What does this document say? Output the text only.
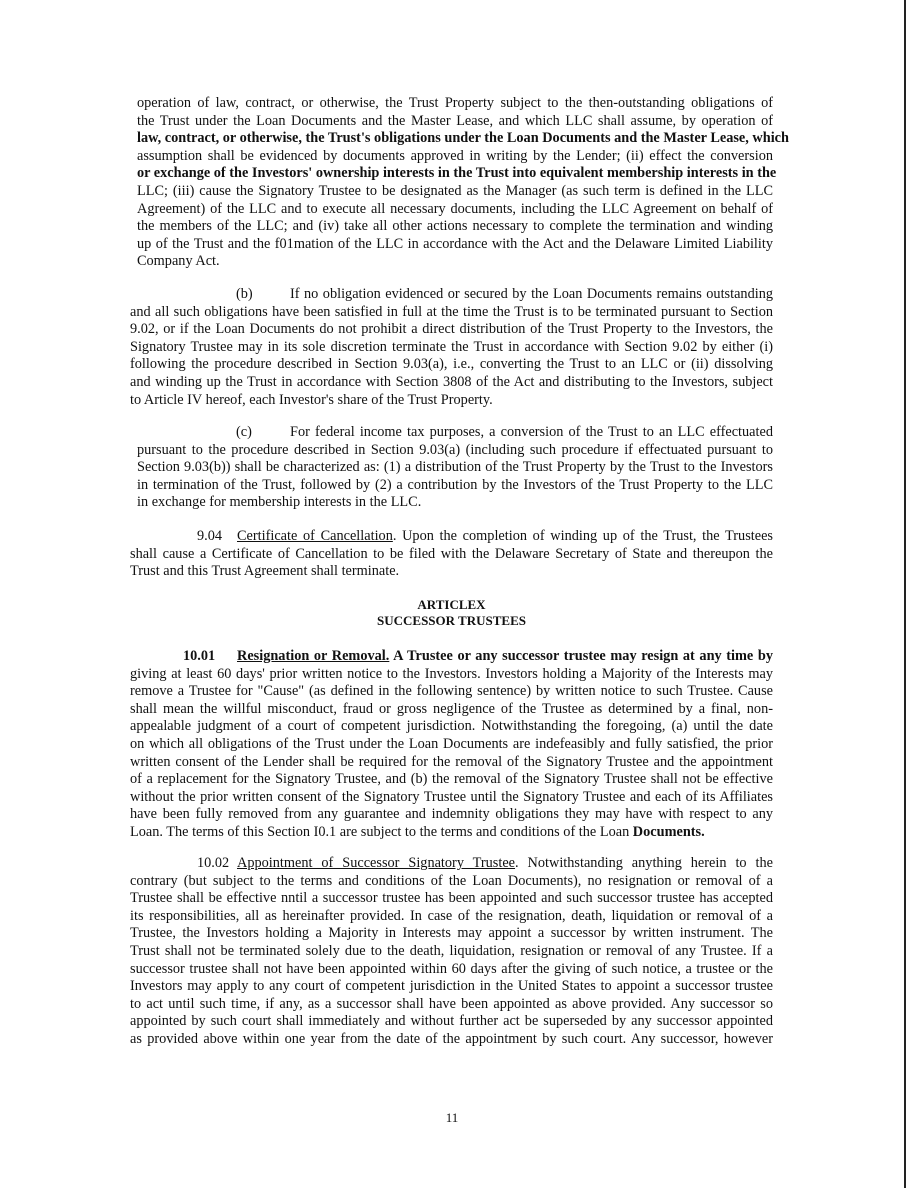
operation of law, contract, or otherwise, the Trust Property subject to the then-outstanding obligations of
the Trust under the Loan Documents and the Master Lease, and which LLC shall assume, by operation of
law, contract, or otherwise, the Trust's obligations under the Loan Documents and the Master Lease, which
assumption shall be evidenced by documents approved in writing by the Lender; (ii) effect the conversion
or exchange of the Investors' ownership interests in the Trust into equivalent membership interests in the
LLC; (iii) cause the Signatory Trustee to be designated as the Manager (as such term is defined in the LLC
Agreement) of the LLC and to execute all necessary documents, including the LLC Agreement on behalf of
the members of the LLC; and (iv) take all other actions necessary to complete the termination and winding
up of the Trust and the f01mation of the LLC in accordance with the Act and the Delaware Limited Liability
Company Act.
(b)	If no obligation evidenced or secured by the Loan Documents remains outstanding
and all such obligations have been satisfied in full at the time the Trust is to be terminated pursuant to Section
9.02, or if the Loan Documents do not prohibit a direct distribution of the Trust Property to the Investors, the
Signatory Trustee may in its sole discretion terminate the Trust in accordance with Section 9.02 by either (i)
following the procedure described in Section 9.03(a), i.e., converting the Trust to an LLC or (ii) dissolving
and winding up the Trust in accordance with Section 3808 of the Act and distributing to the Investors, subject
to Article IV hereof, each Investor's share of the Trust Property.
(c)	For federal income tax purposes, a conversion of the Trust to an LLC effectuated
pursuant to the procedure described in Section 9.03(a) (including such procedure if effectuated pursuant to
Section 9.03(b)) shall be characterized as: (1) a distribution of the Trust Property by the Trust to the Investors
in termination of the Trust, followed by (2) a contribution by the Investors of the Trust Property to the LLC
in exchange for membership interests in the LLC.
9.04 Certificate of Cancellation. Upon the completion of winding up of the Trust, the Trustees
shall cause a Certificate of Cancellation to be filed with the Delaware Secretary of State and thereupon the
Trust and this Trust Agreement shall terminate.
10.01 Resignation or Removal. A Trustee or any successor trustee may resign at any time by
giving at least 60 days' prior written notice to the Investors. Investors holding a Majority of the Interests may
remove a Trustee for "Cause" (as defined in the following sentence) by written notice to such Trustee. Cause
shall mean the willful misconduct, fraud or gross negligence of the Trustee as determined by a final, non-
appealable judgment of a court of competent jurisdiction. Notwithstanding the foregoing, (a) until the date
on which all obligations of the Trust under the Loan Documents are indefeasibly and fully satisfied, the prior
written consent of the Lender shall be required for the removal of the Signatory Trustee and the appointment
of a replacement for the Signatory Trustee, and (b) the removal of the Signatory Trustee shall not be effective
without the prior written consent of the Signatory Trustee until the Signatory Trustee and each of its Affiliates
have been fully removed from any guarantee and indemnity obligations they may have with respect to any
Loan. The terms of this Section I0.1 are subject to the terms and conditions of the Loan Documents.
10.02 Appointment of Successor Signatory Trustee. Notwithstanding anything herein to the
contrary (but subject to the terms and conditions of the Loan Documents), no resignation or removal of a
Trustee shall be effective nntil a successor trustee has been appointed and such successor trustee has accepted
its responsibilities, all as hereinafter provided. In case of the resignation, death, liquidation or removal of a
Trustee, the Investors holding a Majority in Interests may appoint a successor by written instrument. The
Trust shall not be terminated solely due to the death, liquidation, resignation or removal of any Trustee. If a
successor trustee shall not have been appointed within 60 days after the giving of such notice, a trustee or the
Investors may apply to any court of competent jurisdiction in the United States to appoint a successor trustee
to act until such time, if any, as a successor shall have been appointed as above provided. Any successor so
appointed by such court shall immediately and without further act be superseded by any successor appointed
as provided above within one year from the date of the appointment by such court. Any successor, however
ARTICLEX
SUCCESSOR TRUSTEES
11
